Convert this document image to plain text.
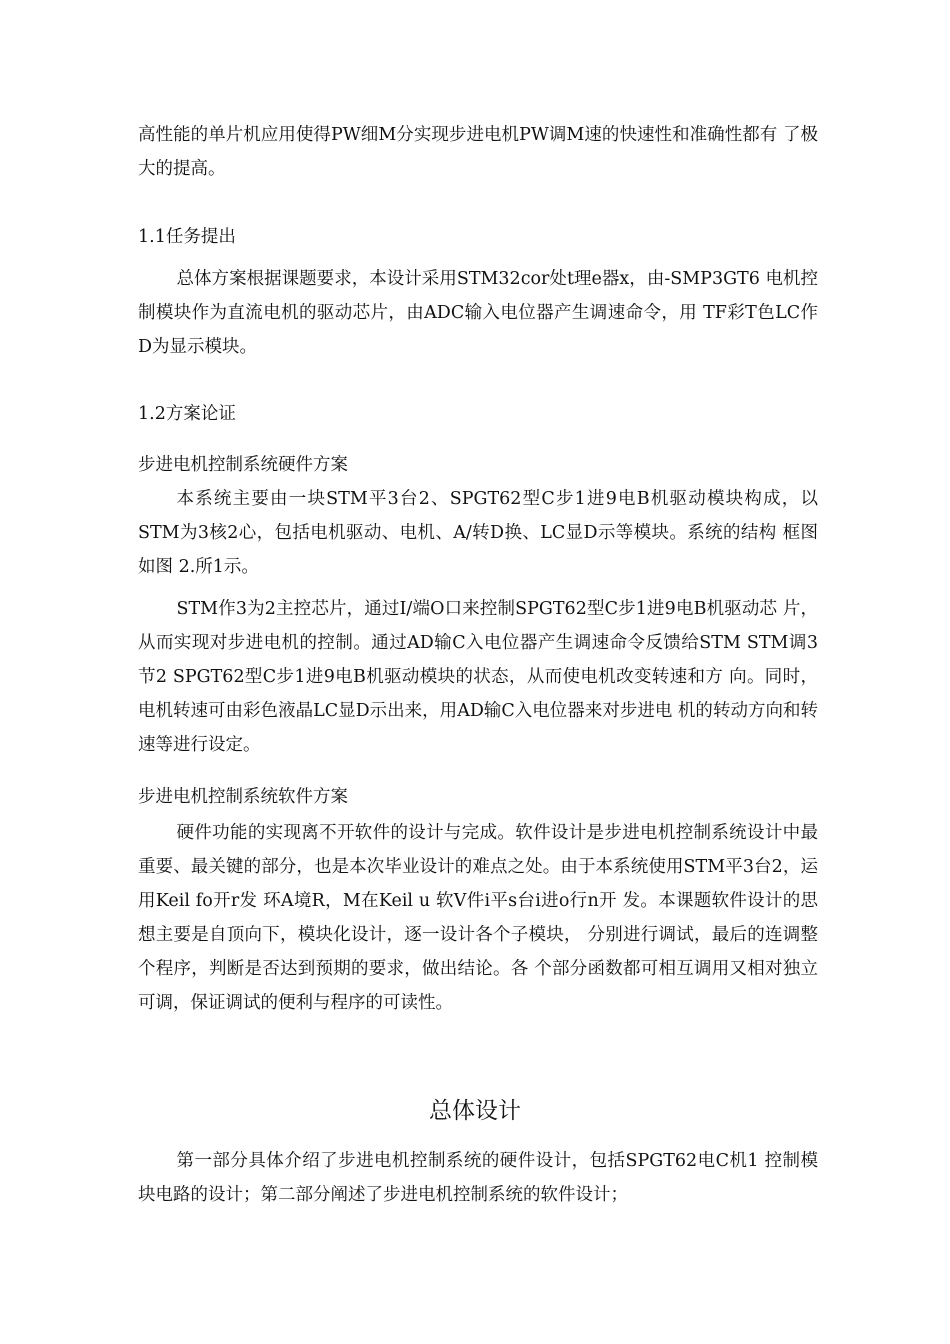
高性能的单片机应用使得PW细M分实现步进电机PW调M速的快速性和准确性都有 了极大的提高。

1.1任务提出

总体方案根据课题要求，本设计采用STM32cor处t理e器x，由-SMP3GT6 电机控制模块作为直流电机的驱动芯片，由ADC输入电位器产生调速命令，用 TF彩T色LC作D为显示模块。

1.2方案论证

步进电机控制系统硬件方案

本系统主要由一块STM平3台2、SPGT62型C步1进9电B机驱动模块构成，以 STM为3核2心，包括电机驱动、电机、A/转D换、LC显D示等模块。系统的结构 框图如图 2.所1示。

STM作3为2主控芯片，通过I/端O口来控制SPGT62型C步1进9电B机驱动芯 片，从而实现对步进电机的控制。通过AD输C入电位器产生调速命令反馈给STM STM调3节2 SPGT62型C步1进9电B机驱动模块的状态，从而使电机改变转速和方 向。同时，电机转速可由彩色液晶LC显D示出来，用AD输C入电位器来对步进电 机的转动方向和转速等进行设定。

步进电机控制系统软件方案

硬件功能的实现离不开软件的设计与完成。软件设计是步进电机控制系统设计中最重要、最关键的部分，也是本次毕业设计的难点之处。由于本系统使用STM平3台2，运用Keil fo开r发 环A境R，M在Keil u 软V件i平s台i进o行n开 发。本课题软件设计的思想主要是自顶向下，模块化设计，逐一设计各个子模块， 分别进行调试，最后的连调整个程序，判断是否达到预期的要求，做出结论。各 个部分函数都可相互调用又相对独立可调，保证调试的便利与程序的可读性。

总体设计

第一部分具体介绍了步进电机控制系统的硬件设计，包括SPGT62电C机1 控制模块电路的设计；第二部分阐述了步进电机控制系统的软件设计；
